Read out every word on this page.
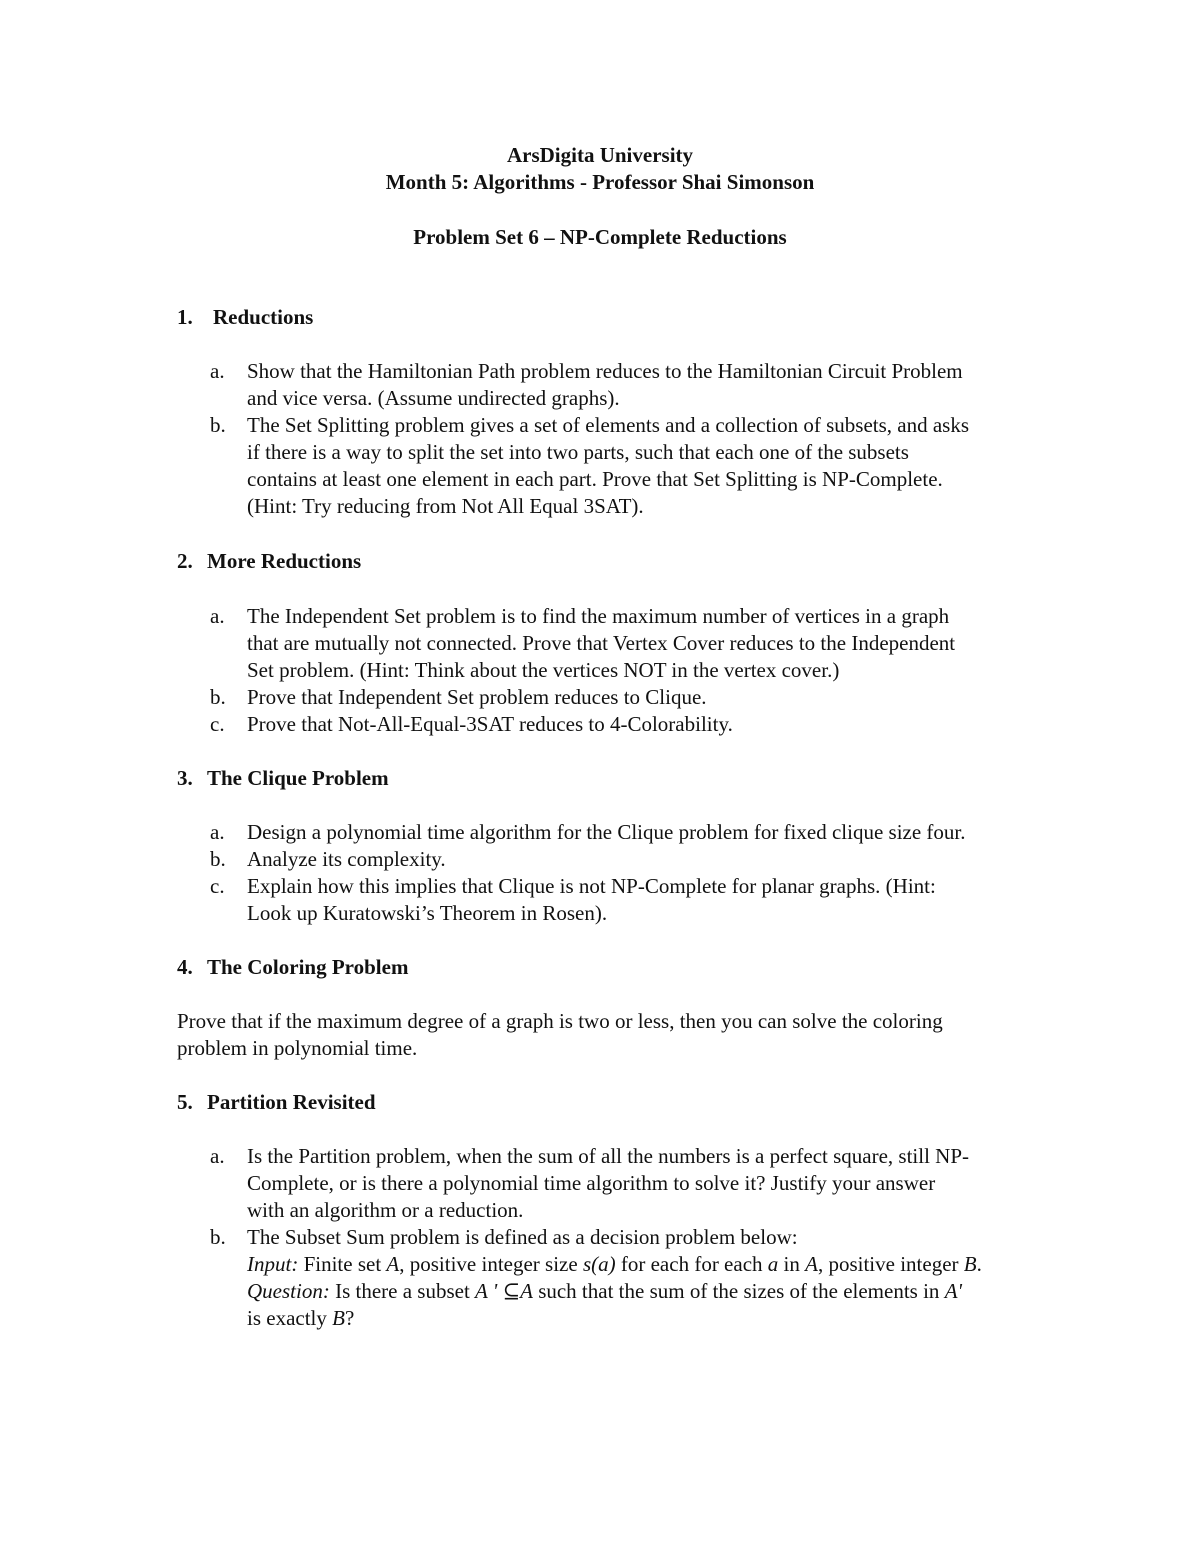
ArsDigita University
Month 5: Algorithms - Professor Shai Simonson
Problem Set 6 – NP-Complete Reductions
1. Reductions
a.	Show that the Hamiltonian Path problem reduces to the Hamiltonian Circuit Problem
and vice versa. (Assume undirected graphs).
b.	The Set Splitting problem gives a set of elements and a collection of subsets, and asks
if there is a way to split the set into two parts, such that each one of the subsets
contains at least one element in each part. Prove that Set Splitting is NP-Complete.
(Hint: Try reducing from Not All Equal 3SAT).
2. More Reductions
a.	The Independent Set problem is to find the maximum number of vertices in a graph
that are mutually not connected. Prove that Vertex Cover reduces to the Independent
Set problem. (Hint: Think about the vertices NOT in the vertex cover.)
b.	Prove that Independent Set problem reduces to Clique.
c.	Prove that Not-All-Equal-3SAT reduces to 4-Colorability.
3. The Clique Problem
a.	Design a polynomial time algorithm for the Clique problem for fixed clique size four.
b.	Analyze its complexity.
c.	Explain how this implies that Clique is not NP-Complete for planar graphs. (Hint:
Look up Kuratowski’s Theorem in Rosen).
4. The Coloring Problem
Prove that if the maximum degree of a graph is two or less, then you can solve the coloring
problem in polynomial time.
5. Partition Revisited
a.	Is the Partition problem, when the sum of all the numbers is a perfect square, still NP-
Complete, or is there a polynomial time algorithm to solve it? Justify your answer
with an algorithm or a reduction.
b.	The Subset Sum problem is defined as a decision problem below:
Input: Finite set A, positive integer size s(a) for each for each a in A, positive integer B.
Question: Is there a subset A ' ⊆A such that the sum of the sizes of the elements in A'
is exactly B?
